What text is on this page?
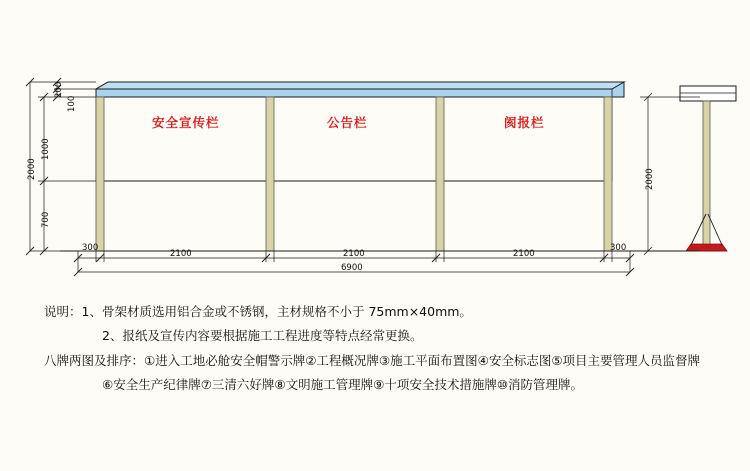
安全宣传栏	公告栏	阂报栏
300
2100	2100	2100
300
6900
200
100
1000
700
2000	2000
说明： 1、骨架材质选用铝合金或不锈钢，主材规格不小于 75mm×40mm。
2、报纸及宣传内容要根据施工工程进度等特点经常更换。
八牌两图及排序： ①进入工地必舱安全帽警示牌②工程概况牌③施工平面布置图④安全标志图⑤项目主要管理人员监督牌
⑥安全生产纪律牌⑦三清六好牌⑧文明施工管理牌⑨十项安全技术措施牌⑩消防管理牌。
